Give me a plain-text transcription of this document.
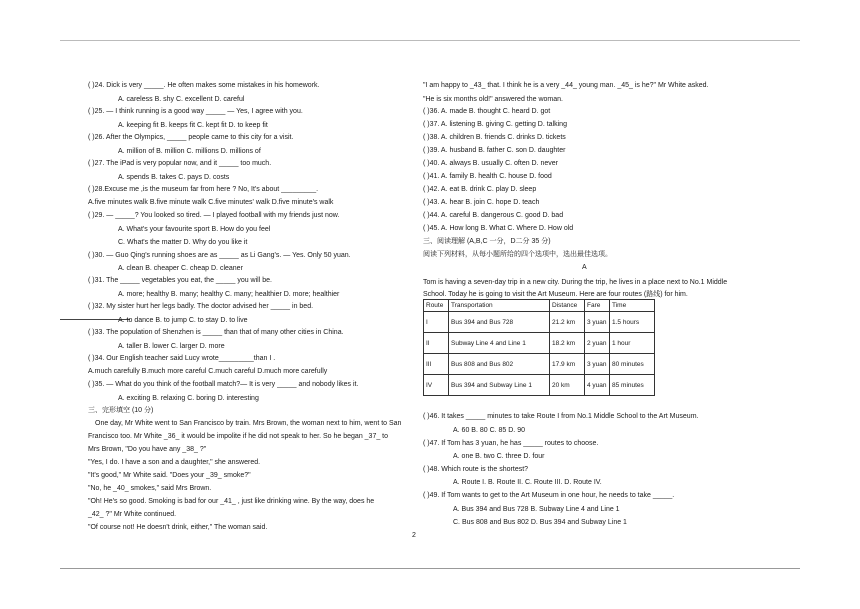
( )24. Dick is very _____. He often makes some mistakes in his homework.
A. careless B. shy C. excellent D. careful
( )25. — I think running is a good way _____ — Yes, I agree with you.
A. keeping fit B. keeps fit C. kept fit D. to keep fit
( )26. After the Olympics, _____ people came to this city for a visit.
A. million of B. million C. millions D. millions of
( )27. The iPad is very popular now, and it _____ too much.
A. spends B. takes C. pays D. costs
( )28.Excuse me ,is the museum far from here ? No, It's about _________.
A.five minutes walk B.five minute walk C.five minutes' walk D.five minute's walk
( )29. — _____? You looked so tired. — I played football with my friends just now.
A. What's your favourite sport B. How do you feel
C. What's the matter D. Why do you like it
( )30. — Guo Qing's running shoes are as _____ as Li Gang's. — Yes. Only 50 yuan.
A. clean B. cheaper C. cheap D. cleaner
( )31. The _____ vegetables you eat, the _____ you will be.
A. more; healthy B. many; healthy C. many; healthier D. more; healthier
( )32. My sister hurt her legs badly. The doctor advised her _____ in bed.
A. to dance B. to jump C. to stay D. to live
( )33. The population of Shenzhen is _____ than that of many other cities in China.
A. taller B. lower C. larger D. more
( )34. Our English teacher said Lucy wrote_________than I .
A.much carefully B.much more careful C.much careful D.much more carefully
( )35. — What do you think of the football match?— It is very _____ and nobody likes it.
A. exciting B. relaxing C. boring D. interesting
三、完形填空 (10 分)
One day, Mr White went to San Francisco by train. Mrs Brown, the woman next to him, went to San
Francisco too. Mr White _36_ it would be impolite if he did not speak to her. So he began _37_ to
Mrs Brown, "Do you have any _38_ ?"
"Yes, I do. I have a son and a daughter," she answered.
"It's good," Mr White said. "Does your _39_ smoke?"
"No, he _40_ smokes," said Mrs Brown.
"Oh! He's so good. Smoking is bad for our _41_ , just like drinking wine. By the way, does he
_42_ ?" Mr White continued.
"Of course not! He doesn't drink, either," The woman said.
"I am happy to _43_ that. I think he is a very _44_ young man. _45_ is he?" Mr White asked.
"He is six months old!" answered the woman.
( )36. A. made B. thought C. heard D. got
( )37. A. listening B. giving C. getting D. talking
( )38. A. children B. friends C. drinks D. tickets
( )39. A. husband B. father C. son D. daughter
( )40. A. always B. usually C. often D. never
( )41. A. family B. health C. house D. food
( )42. A. eat B. drink C. play D. sleep
( )43. A. hear B. join C. hope D. teach
( )44. A. careful B. dangerous C. good D. bad
( )45. A. How long B. What C. Where D. How old
三、阅读理解 (A,B,C 一分，D二分 35 分)
阅读下列材料，从每小题所给的四个选项中，选出最佳选项。
A
Tom is having a seven-day trip in a new city. During the trip, he lives in a place next to No.1 Middle
School. Today he is going to visit the Art Museum. Here are four routes (路线) for him.
( )46. It takes _____ minutes to take Route I from No.1 Middle School to the Art Museum.
A. 60 B. 80 C. 85 D. 90
( )47. If Tom has 3 yuan, he has _____ routes to choose.
A. one B. two C. three D. four
( )48. Which route is the shortest?
A. Route I. B. Route II. C. Route III. D. Route IV.
( )49. If Tom wants to get to the Art Museum in one hour, he needs to take _____.
A. Bus 394 and Bus 728 B. Subway Line 4 and Line 1
C. Bus 808 and Bus 802 D. Bus 394 and Subway Line 1
Route	Transportation	Distance	Fare	Time
I	Bus 394 and Bus 728	21.2 km	3 yuan	1.5 hours
II	Subway Line 4 and Line 1	18.2 km	2 yuan	1 hour
III	Bus 808 and Bus 802	17.9 km	3 yuan	80 minutes
IV	Bus 394 and Subway Line 1	20 km	4 yuan	85 minutes
2
